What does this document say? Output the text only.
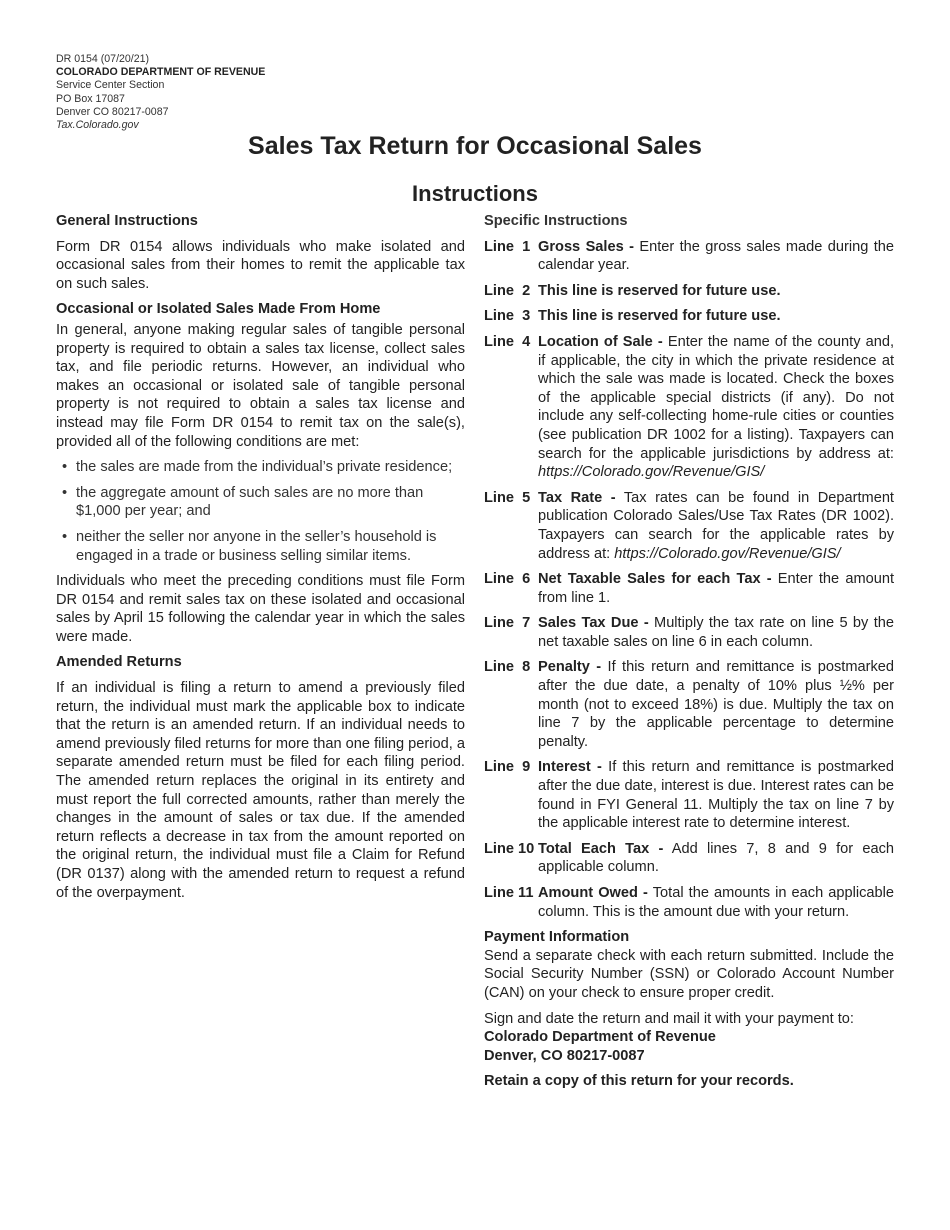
DR 0154 (07/20/21)
COLORADO DEPARTMENT OF REVENUE
Service Center Section
PO Box 17087
Denver CO 80217-0087
Tax.Colorado.gov
Sales Tax Return for Occasional Sales
Instructions
General Instructions

Form DR 0154 allows individuals who make isolated and occasional sales from their homes to remit the applicable tax on such sales.

Occasional or Isolated Sales Made From Home

In general, anyone making regular sales of tangible personal property is required to obtain a sales tax license, collect sales tax, and file periodic returns. However, an individual who makes an occasional or isolated sale of tangible personal property is not required to obtain a sales tax license and instead may file Form DR 0154 to remit tax on the sale(s), provided all of the following conditions are met:

• the sales are made from the individual’s private residence;
• the aggregate amount of such sales are no more than $1,000 per year; and
• neither the seller nor anyone in the seller’s household is engaged in a trade or business selling similar items.

Individuals who meet the preceding conditions must file Form DR 0154 and remit sales tax on these isolated and occasional sales by April 15 following the calendar year in which the sales were made.

Amended Returns

If an individual is filing a return to amend a previously filed return, the individual must mark the applicable box to indicate that the return is an amended return. If an individual needs to amend previously filed returns for more than one filing period, a separate amended return must be filed for each filing period. The amended return replaces the original in its entirety and must report the full corrected amounts, rather than merely the changes in the amount of sales or tax due. If the amended return reflects a decrease in tax from the amount reported on the original return, the individual must file a Claim for Refund (DR 0137) along with the amended return to request a refund of the overpayment.

Specific Instructions
Line  1 Gross Sales - Enter the gross sales made during the calendar year.
Line  2 This line is reserved for future use.
Line  3 This line is reserved for future use.
Line  4 Location of Sale - Enter the name of the county and, if applicable, the city in which the private residence at which the sale was made is located. Check the boxes of the applicable special districts (if any). Do not include any self-collecting home-rule cities or counties (see publication DR 1002 for a listing). Taxpayers can search for the applicable jurisdictions by address at: https://Colorado.gov/Revenue/GIS/
Line  5 Tax Rate - Tax rates can be found in Department publication Colorado Sales/Use Tax Rates (DR 1002). Taxpayers can search for the applicable rates by address at: https://Colorado.gov/Revenue/GIS/
Line  6 Net Taxable Sales for each Tax - Enter the amount from line 1.
Line  7 Sales Tax Due - Multiply the tax rate on line 5 by the net taxable sales on line 6 in each column.
Line  8 Penalty - If this return and remittance is postmarked after the due date, a penalty of 10% plus ½% per month (not to exceed 18%) is due. Multiply the tax on line 7 by the applicable percentage to determine penalty.
Line  9 Interest - If this return and remittance is postmarked after the due date, interest is due. Interest rates can be found in FYI General 11. Multiply the tax on line 7 by the applicable interest rate to determine interest.
Line 10 Total Each Tax - Add lines 7, 8 and 9 for each applicable column.
Line 11 Amount Owed - Total the amounts in each applicable column. This is the amount due with your return.
Payment Information

Send a separate check with each return submitted. Include the Social Security Number (SSN) or Colorado Account Number (CAN) on your check to ensure proper credit.

Sign and date the return and mail it with your payment to:

Colorado Department of Revenue
Denver, CO 80217-0087
Retain a copy of this return for your records.
